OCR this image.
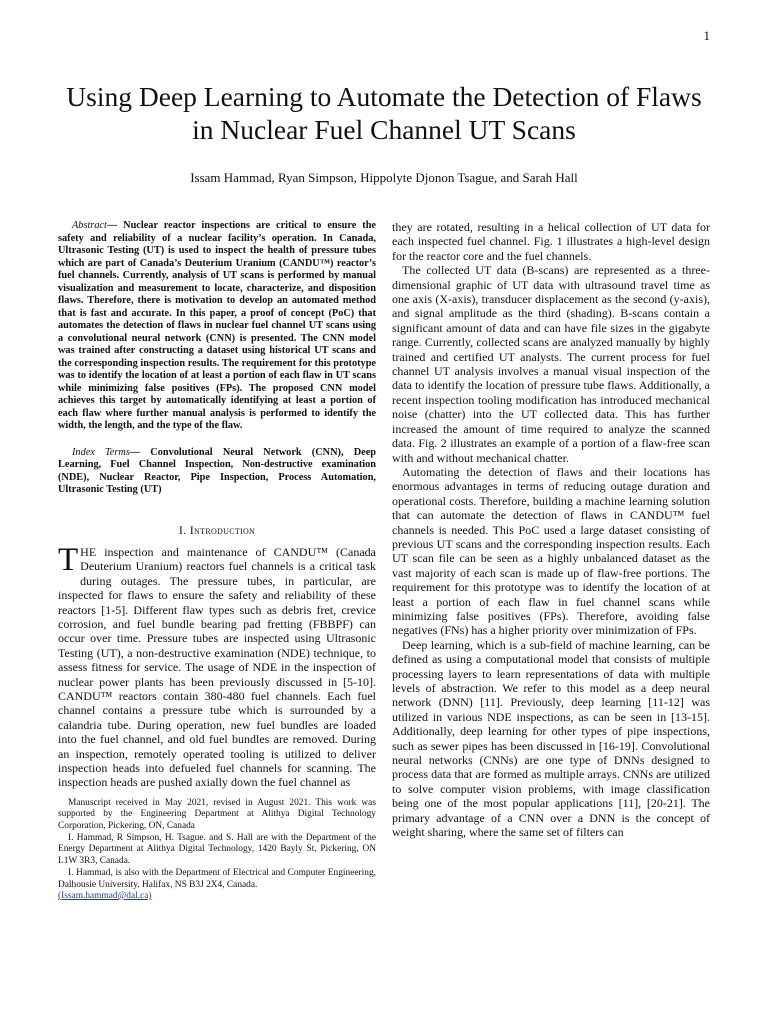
1
Using Deep Learning to Automate the Detection of Flaws in Nuclear Fuel Channel UT Scans
Issam Hammad, Ryan Simpson, Hippolyte Djonon Tsague, and Sarah Hall

Abstract— Nuclear reactor inspections are critical to ensure the safety and reliability of a nuclear facility’s operation. In Canada, Ultrasonic Testing (UT) is used to inspect the health of pressure tubes which are part of Canada’s Deuterium Uranium (CANDU™) reactor’s fuel channels. Currently, analysis of UT scans is performed by manual visualization and measurement to locate, characterize, and disposition flaws. Therefore, there is motivation to develop an automated method that is fast and accurate. In this paper, a proof of concept (PoC) that automates the detection of flaws in nuclear fuel channel UT scans using a convolutional neural network (CNN) is presented. The CNN model was trained after constructing a dataset using historical UT scans and the corresponding inspection results. The requirement for this prototype was to identify the location of at least a portion of each flaw in UT scans while minimizing false positives (FPs). The proposed CNN model achieves this target by automatically identifying at least a portion of each flaw where further manual analysis is performed to identify the width, the length, and the type of the flaw.

Index Terms— Convolutional Neural Network (CNN), Deep Learning, Fuel Channel Inspection, Non-destructive examination (NDE), Nuclear Reactor, Pipe Inspection, Process Automation, Ultrasonic Testing (UT)

I. Introduction

THE inspection and maintenance of CANDU™ (Canada Deuterium Uranium) reactors fuel channels is a critical task during outages. The pressure tubes, in particular, are inspected for flaws to ensure the safety and reliability of these reactors [1-5]. Different flaw types such as debris fret, crevice corrosion, and fuel bundle bearing pad fretting (FBBPF) can occur over time. Pressure tubes are inspected using Ultrasonic Testing (UT), a non-destructive examination (NDE) technique, to assess fitness for service. The usage of NDE in the inspection of nuclear power plants has been previously discussed in [5-10]. CANDU™ reactors contain 380-480 fuel channels. Each fuel channel contains a pressure tube which is surrounded by a calandria tube. During operation, new fuel bundles are loaded into the fuel channel, and old fuel bundles are removed. During an inspection, remotely operated tooling is utilized to deliver inspection heads into defueled fuel channels for scanning. The inspection heads are pushed axially down the fuel channel as

Manuscript received in May 2021, revised in August 2021. This work was supported by the Engineering Department at Alithya Digital Technology Corporation, Pickering, ON, Canada

I. Hammad, R Simpson, H. Tsague. and S. Hall are with the Department of the Energy Department at Alithya Digital Technology, 1420 Bayly St, Pickering, ON L1W 3R3, Canada.

I. Hammad, is also with the Department of Electrical and Computer Engineering, Dalhousie University. Halifax, NS B3J 2X4, Canada.
(Issam.hammad@dal.ca)

they are rotated, resulting in a helical collection of UT data for each inspected fuel channel. Fig. 1 illustrates a high-level design for the reactor core and the fuel channels.

The collected UT data (B-scans) are represented as a three-dimensional graphic of UT data with ultrasound travel time as one axis (X-axis), transducer displacement as the second (y-axis), and signal amplitude as the third (shading). B-scans contain a significant amount of data and can have file sizes in the gigabyte range. Currently, collected scans are analyzed manually by highly trained and certified UT analysts. The current process for fuel channel UT analysis involves a manual visual inspection of the data to identify the location of pressure tube flaws. Additionally, a recent inspection tooling modification has introduced mechanical noise (chatter) into the UT collected data. This has further increased the amount of time required to analyze the scanned data. Fig. 2 illustrates an example of a portion of a flaw-free scan with and without mechanical chatter.

Automating the detection of flaws and their locations has enormous advantages in terms of reducing outage duration and operational costs. Therefore, building a machine learning solution that can automate the detection of flaws in CANDU™ fuel channels is needed. This PoC used a large dataset consisting of previous UT scans and the corresponding inspection results. Each UT scan file can be seen as a highly unbalanced dataset as the vast majority of each scan is made up of flaw-free portions. The requirement for this prototype was to identify the location of at least a portion of each flaw in fuel channel scans while minimizing false positives (FPs). Therefore, avoiding false negatives (FNs) has a higher priority over minimization of FPs.

Deep learning, which is a sub-field of machine learning, can be defined as using a computational model that consists of multiple processing layers to learn representations of data with multiple levels of abstraction. We refer to this model as a deep neural network (DNN) [11]. Previously, deep learning [11-12] was utilized in various NDE inspections, as can be seen in [13-15]. Additionally, deep learning for other types of pipe inspections, such as sewer pipes has been discussed in [16-19]. Convolutional neural networks (CNNs) are one type of DNNs designed to process data that are formed as multiple arrays. CNNs are utilized to solve computer vision problems, with image classification being one of the most popular applications [11], [20-21]. The primary advantage of a CNN over a DNN is the concept of weight sharing, where the same set of filters can
